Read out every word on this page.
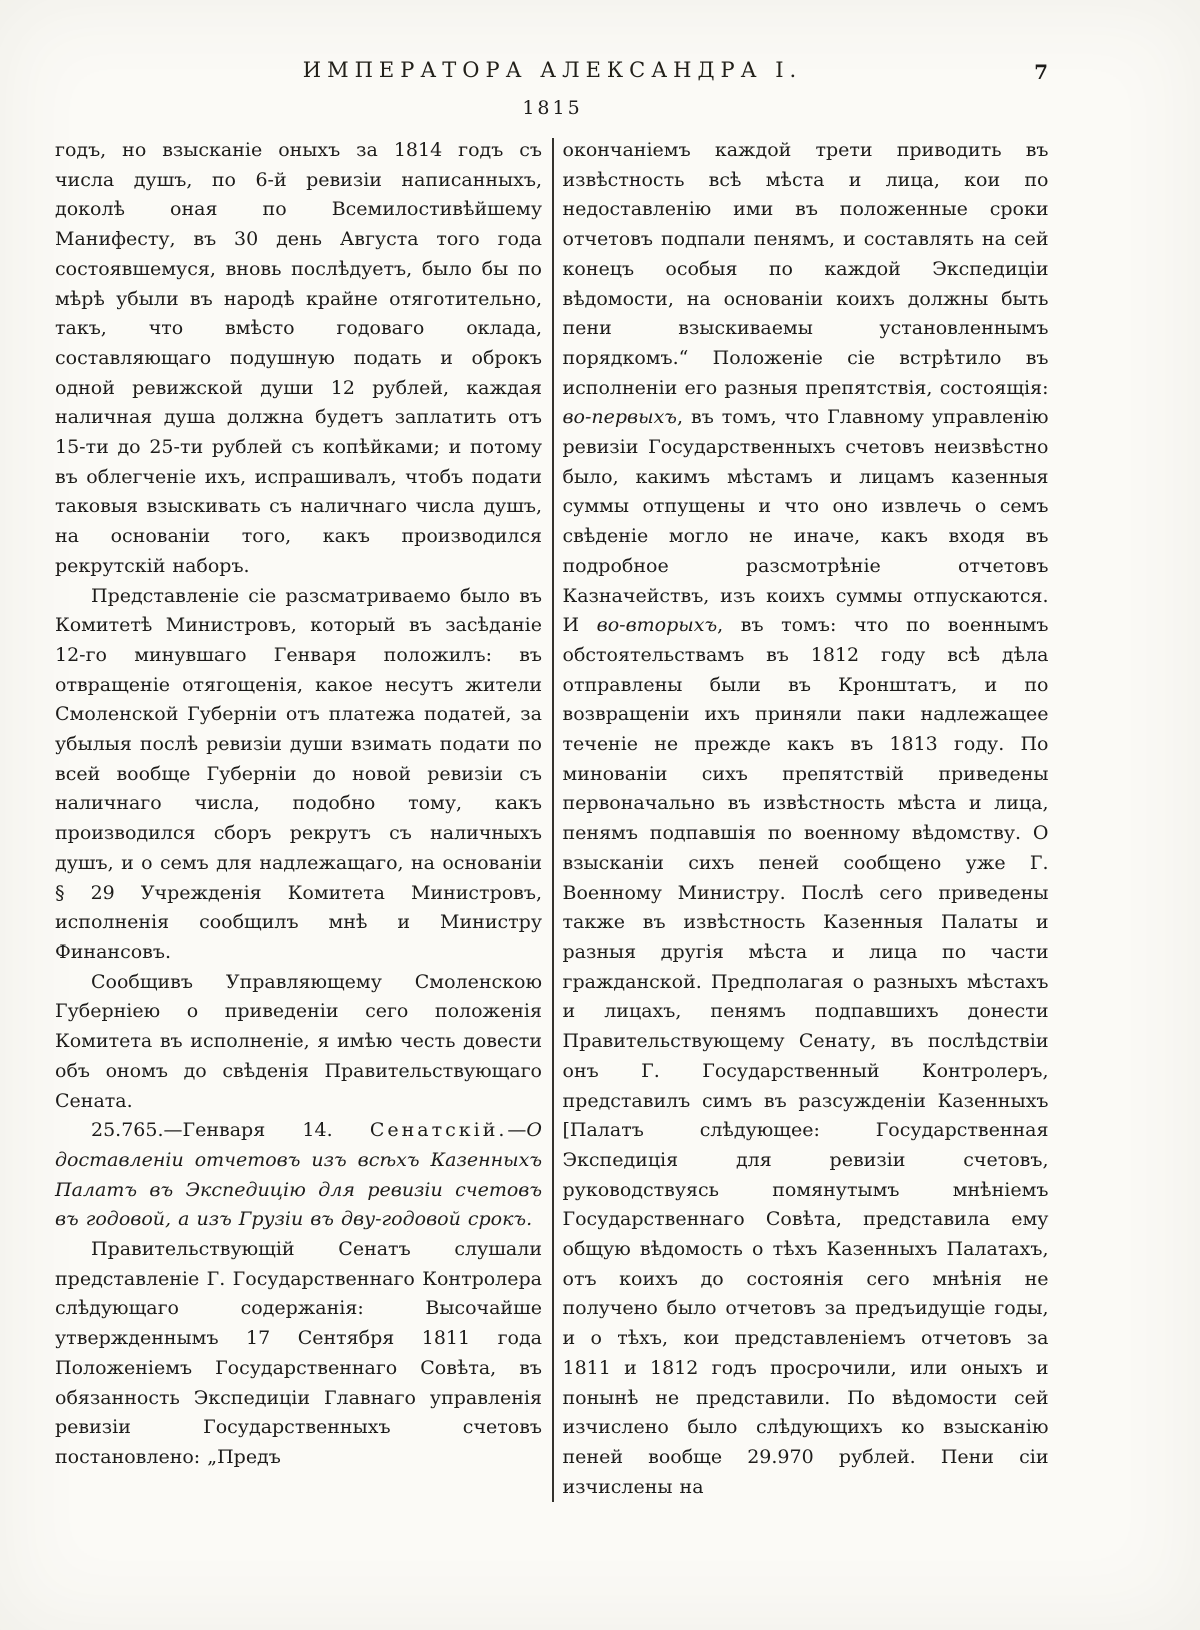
ИМПЕРАТОРА АЛЕКСАНДРА I.	7
1815

годъ, но взысканіе оныхъ за 1814 годъ съ числа душъ, по 6-й ревизіи написанныхъ, доколѣ оная по Всемилостивѣйшему Манифесту, въ 30 день Августа того года состоявшемуся, вновь послѣдуетъ, было бы по мѣрѣ убыли въ народѣ крайне отяготительно, такъ, что вмѣсто годоваго оклада, составляющаго подушную подать и оброкъ одной ревижской души 12 рублей, каждая наличная душа должна будетъ заплатить отъ 15-ти до 25-ти рублей съ копѣйками; и потому въ облегченіе ихъ, испрашивалъ, чтобъ подати таковыя взыскивать съ наличнаго числа душъ, на основаніи того, какъ производился рекрутскій наборъ.

Представленіе сіе разсматриваемо было въ Комитетѣ Министровъ, который въ засѣданіе 12-го минувшаго Генваря положилъ: въ отвращеніе отягощенія, какое несутъ жители Смоленской Губерніи отъ платежа податей, за убылыя послѣ ревизіи души взимать подати по всей вообще Губерніи до новой ревизіи съ наличнаго числа, подобно тому, какъ производился сборъ рекрутъ съ наличныхъ душъ, и о семъ для надлежащаго, на основаніи § 29 Учрежденія Комитета Министровъ, исполненія сообщилъ мнѣ и Министру Финансовъ.

Сообщивъ Управляющему Смоленскою Губерніею о приведеніи сего положенія Комитета въ исполненіе, я имѣю честь довести объ ономъ до свѣденія Правительствующаго Сената.

25.765.—Генваря 14. Сенатскій.—О доставленіи отчетовъ изъ всѣхъ Казенныхъ Палатъ въ Экспедицію для ревизіи счетовъ въ годовой, а изъ Грузіи въ дву-годовой срокъ.

Правительствующій Сенатъ слушали представленіе Г. Государственнаго Контролера слѣдующаго содержанія: Высочайше утвержденнымъ 17 Сентября 1811 года Положеніемъ Государственнаго Совѣта, въ обязанность Экспедиціи Главнаго управленія ревизіи Государственныхъ счетовъ постановлено: „Предъ

окончаніемъ каждой трети приводить въ извѣстность всѣ мѣста и лица, кои по недоставленію ими въ положенные сроки отчетовъ подпали пенямъ, и составлять на сей конецъ особыя по каждой Экспедиціи вѣдомости, на основаніи коихъ должны быть пени взыскиваемы установленнымъ порядкомъ.“ Положеніе сіе встрѣтило въ исполненіи его разныя препятствія, состоящія: во-первыхъ, въ томъ, что Главному управленію ревизіи Государственныхъ счетовъ неизвѣстно было, какимъ мѣстамъ и лицамъ казенныя суммы отпущены и что оно извлечь о семъ свѣденіе могло не иначе, какъ входя въ подробное разсмотрѣніе отчетовъ Казначействъ, изъ коихъ суммы отпускаются. И во-вторыхъ, въ томъ: что по военнымъ обстоятельствамъ въ 1812 году всѣ дѣла отправлены были въ Кронштатъ, и по возвращеніи ихъ приняли паки надлежащее теченіе не прежде какъ въ 1813 году. По минованіи сихъ препятствій приведены первоначально въ извѣстность мѣста и лица, пенямъ подпавшія по военному вѣдомству. О взысканіи сихъ пеней сообщено уже Г. Военному Министру. Послѣ сего приведены также въ извѣстность Казенныя Палаты и разныя другія мѣста и лица по части гражданской. Предполагая о разныхъ мѣстахъ и лицахъ, пенямъ подпавшихъ донести Правительствующему Сенату, въ послѣдствіи онъ Г. Государственный Контролеръ, представилъ симъ въ разсужденіи Казенныхъ [Палатъ слѣдующее: Государственная Экспедиція для ревизіи счетовъ, руководствуясь помянутымъ мнѣніемъ Государственнаго Совѣта, представила ему общую вѣдомость о тѣхъ Казенныхъ Палатахъ, отъ коихъ до состоянія сего мнѣнія не получено было отчетовъ за предъидущіе годы, и о тѣхъ, кои представленіемъ отчетовъ за 1811 и 1812 годъ просрочили, или оныхъ и понынѣ не представили. По вѣдомости сей изчислено было слѣдующихъ ко взысканію пеней вообще 29.970 рублей. Пени сіи изчислены на
